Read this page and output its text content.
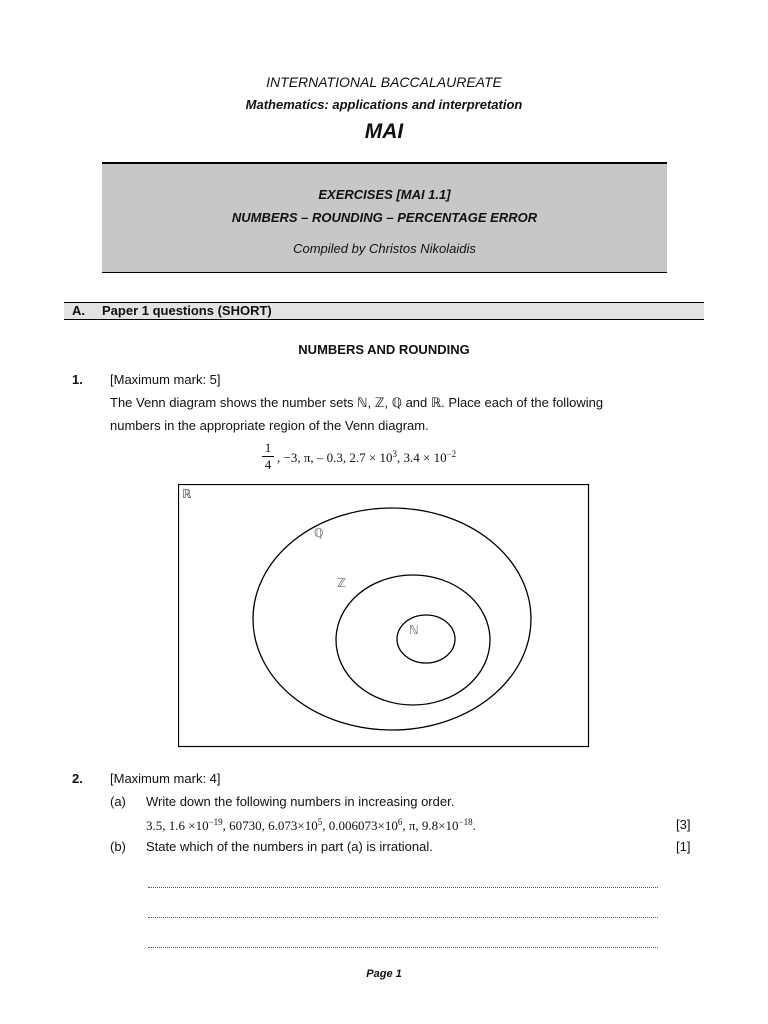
INTERNATIONAL BACCALAUREATE
Mathematics: applications and interpretation
MAI
EXERCISES [MAI 1.1]
NUMBERS – ROUNDING – PERCENTAGE ERROR
Compiled by Christos Nikolaidis
A. Paper 1 questions (SHORT)
NUMBERS AND ROUNDING
1. [Maximum mark: 5]
The Venn diagram shows the number sets ℕ, ℤ, ℚ and ℝ. Place each of the following
numbers in the appropriate region of the Venn diagram.
1
4 , −3, π, – 0.3, $2.7 \times 10^3$, $3.4 \times 10^{-2}$
ℝ
ℚ
ℤ
ℕ
2. [Maximum mark: 4]
(a) Write down the following numbers in increasing order.
3.5, $1.6 \times 10^{-19}$, 60730, $6.073\times 10^5$, $0.006073\times 10^6$, π, $9.8\times 10^{-18}$.	[3]
(b) State which of the numbers in part (a) is irrational.	[1]
Page 1
